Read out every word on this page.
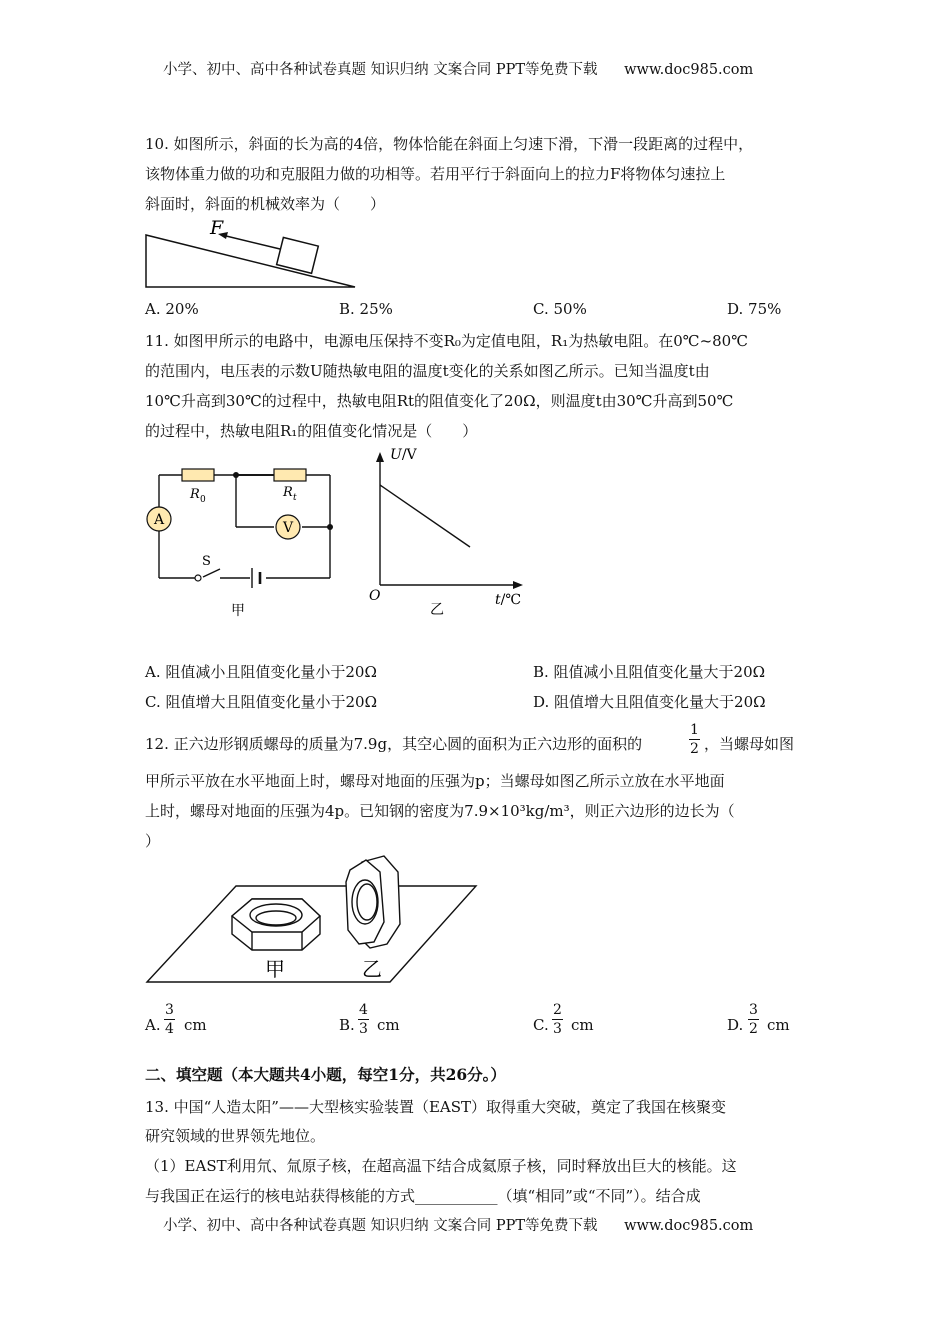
小学、初中、高中各种试卷真题 知识归纳 文案合同 PPT等免费下载 www.doc985.com
10. 如图所示，斜面的长为高的4倍，物体恰能在斜面上匀速下滑，下滑一段距离的过程中，
该物体重力做的功和克服阻力做的功相等。若用平行于斜面向上的拉力F将物体匀速拉上
斜面时，斜面的机械效率为（　　）
F
A. 20%	B. 25%	C. 50%	D. 75%
11. 如图甲所示的电路中，电源电压保持不变R₀为定值电阻，R₁为热敏电阻。在0℃~80℃
的范围内，电压表的示数U随热敏电阻的温度t变化的关系如图乙所示。已知当温度t由
10℃升高到30℃的过程中，热敏电阻Rt的阻值变化了20Ω，则温度t由30℃升高到50℃
的过程中，热敏电阻R₁的阻值变化情况是（　　）
A	V
S
R 0	R t
甲
U/V
t/℃
O
乙
A. 阻值减小且阻值变化量小于20Ω	B. 阻值减小且阻值变化量大于20Ω
C. 阻值增大且阻值变化量小于20Ω	D. 阻值增大且阻值变化量大于20Ω
12. 正六边形钢质螺母的质量为7.9g，其空心圆的面积为正六边形的面积的
1
2 ，当螺母如图
甲所示平放在水平地面上时，螺母对地面的压强为p；当螺母如图乙所示立放在水平地面
上时，螺母对地面的压强为4p。已知钢的密度为7.9×10³kg/m³，则正六边形的边长为（
）
甲	乙
A.
3
4 cm	B.
4
3 cm	C.
2
3 cm	D.
3
2 cm
二、填空题（本大题共4小题，每空1分，共26分。）
13. 中国“人造太阳”——大型核实验装置（EAST）取得重大突破，奠定了我国在核聚变
研究领域的世界领先地位。
（1）EAST利用氘、氚原子核，在超高温下结合成氦原子核，同时释放出巨大的核能。这
与我国正在运行的核电站获得核能的方式___________（填“相同”或“不同”）。结合成
小学、初中、高中各种试卷真题 知识归纳 文案合同 PPT等免费下载 www.doc985.com
